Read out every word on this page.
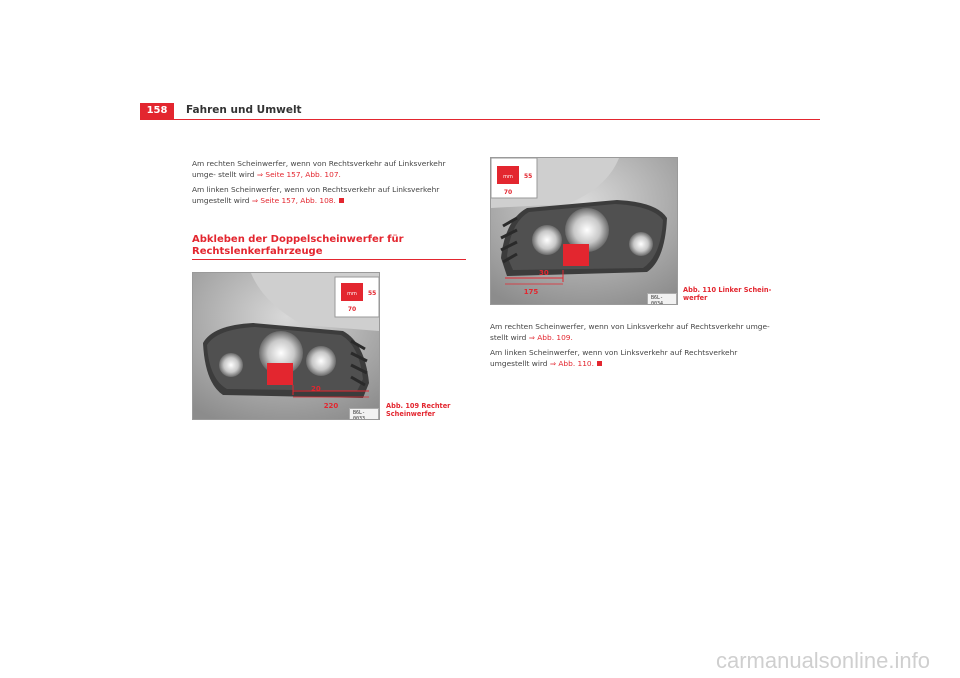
158	Fahren und Umwelt
Am rechten Scheinwerfer, wenn von Rechtsverkehr auf Linksverkehr umge- stellt wird ⇒ Seite 157, Abb. 107.
Am linken Scheinwerfer, wenn von Rechtsverkehr auf Linksverkehr umgestellt wird ⇒ Seite 157, Abb. 108.
Abkleben der Doppelscheinwerfer für Rechtslenkerfahrzeuge
mm 55
70
20
220
B6L-0033
Abb. 109 Rechter Scheinwerfer
mm 55
70
30
175
B6L-0034
Abb. 110 Linker Schein- werfer
Am rechten Scheinwerfer, wenn von Linksverkehr auf Rechtsverkehr umge- stellt wird ⇒ Abb. 109.
Am linken Scheinwerfer, wenn von Linksverkehr auf Rechtsverkehr umgestellt wird ⇒ Abb. 110.
carmanualsonline.info
